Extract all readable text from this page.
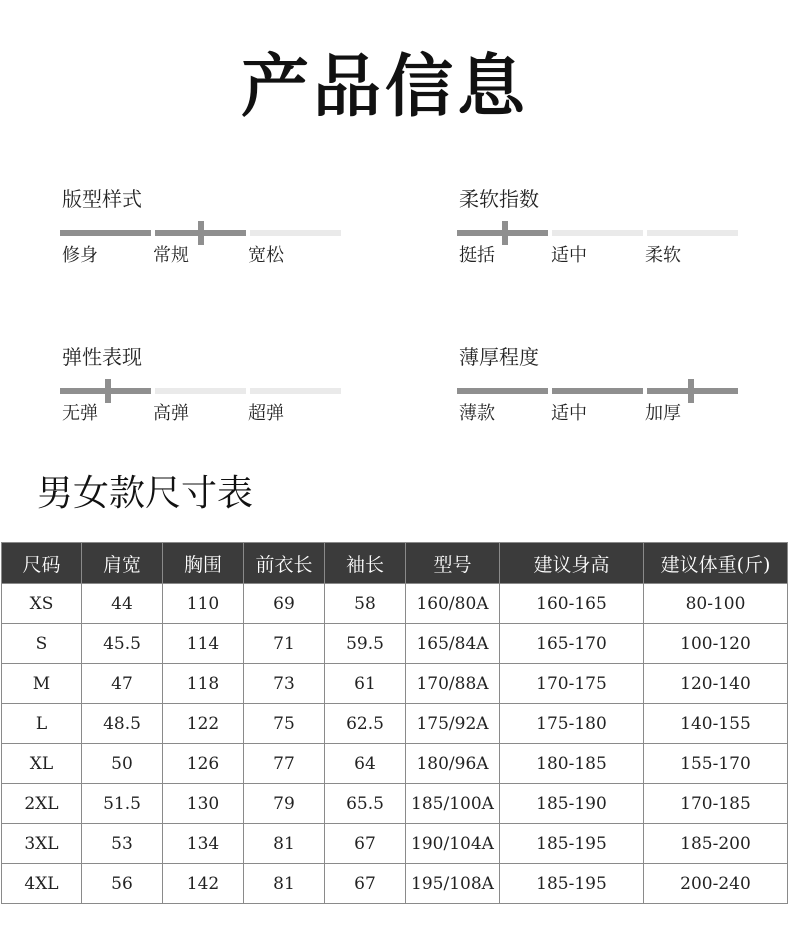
产品信息
版型样式
修身	常规	宽松
柔软指数
挺括	适中	柔软
弹性表现
无弹	高弹	超弹
薄厚程度
薄款	适中	加厚
男女款尺寸表
尺码	肩宽	胸围	前衣长	袖长	型号	建议身高	建议体重(斤)
XS	44	110	69	58	160/80A	160-165	80-100
S	45.5	114	71	59.5	165/84A	165-170	100-120
M	47	118	73	61	170/88A	170-175	120-140
L	48.5	122	75	62.5	175/92A	175-180	140-155
XL	50	126	77	64	180/96A	180-185	155-170
2XL	51.5	130	79	65.5	185/100A	185-190	170-185
3XL	53	134	81	67	190/104A	185-195	185-200
4XL	56	142	81	67	195/108A	185-195	200-240
